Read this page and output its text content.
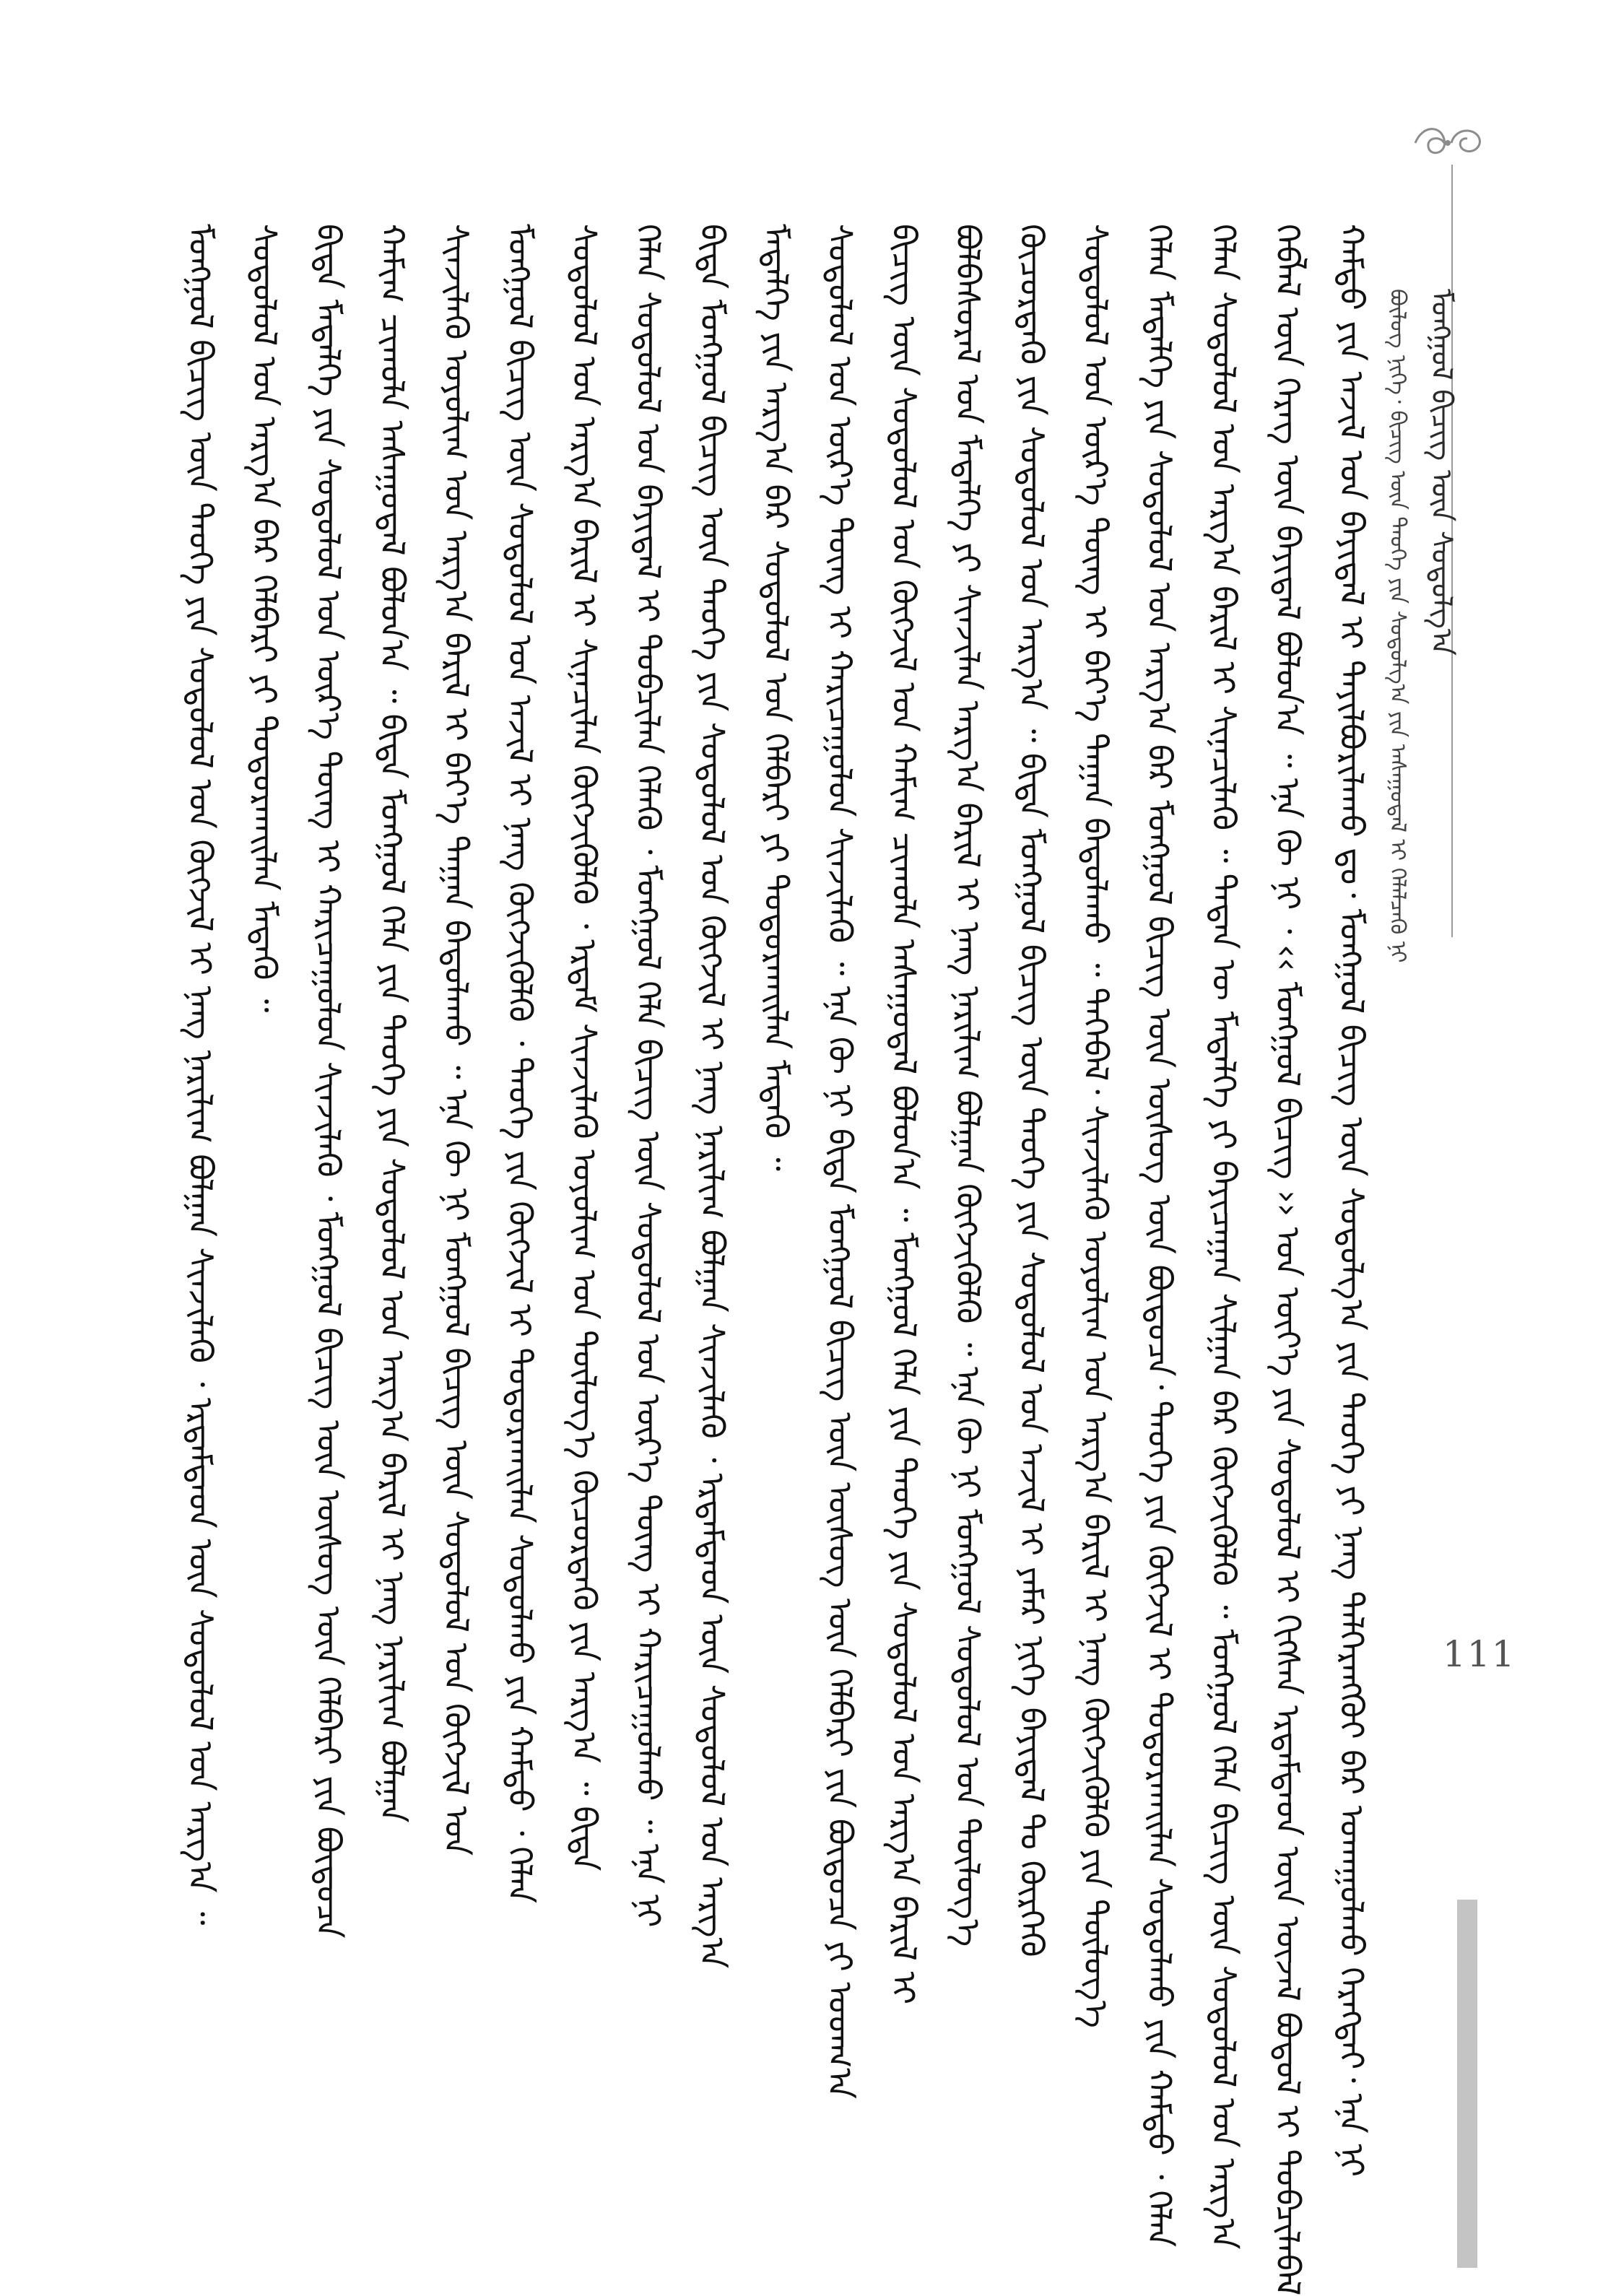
ᠪᠦᠯᠦᠭ ᠨᠢᠭᠡ᠂ ᠪᠢᠴᠢᠭ᠌ ᠦᠨ ᠲᠡᠦᠬᠡ ᠶᠢᠨ ᠰᠤᠳᠤᠯᠭ᠎ᠠ ᠶᠢᠨ ᠠᠰᠠᠭᠤᠳᠠᠯ ᠢ ᠬᠡᠯᠡᠯᠴᠡᠬᠦ ᠨᠢ ᠮᠣᠩᠭᠣᠯ ᠪᠢᠴᠢᠭ᠌ ᠦᠨ ᠰᠤᠳᠤᠯᠭ᠎ᠠ
ᠬᠠᠮᠲᠤ ᠶᠢᠨ ᠠᠵᠢᠯ ᠤᠨ ᠪᠠᠶᠢᠳᠠᠯ ᠢ ᠲᠠᠶᠢᠯᠪᠤᠷᠢᠯᠠᠬᠤ ᠳᠤ᠂ ᠮᠣᠩᠭᠣᠯ ᠪᠢᠴᠢᠭ᠌ ᠦᠨ ᠰᠤᠳᠤᠯᠭ᠎ᠠ ᠶᠢᠨ ᠲᠡᠦᠬᠡ ᠶᠢ ᠨᠡᠩ ᠳᠡᠯᠭᠡᠷᠡᠩᠭᠦᠢ ᠪᠡᠷ ᠤᠬᠠᠭᠤᠯᠬᠤ ᠬᠡᠷᠡᠭᠲᠡᠢ᠂ ᠡᠨᠡ ᠨᠢ
ᠬᠡᠪᠯᠡᠯ ᠦᠨ ᠬᠡᠷᠡᠭ ᠦᠨ ᠪᠠᠶᠢᠳᠠᠯ ᠪᠣᠯᠤᠨ᠎ᠠ ᠃ ᠡᠨᠡ ᠬᠦ ᠨᠢ ᠂ ‹‹ ᠮᠣᠩᠭᠣᠯ ᠪᠢᠴᠢᠭ᠌ ›› ᠤᠨ ᠦᠶ᠎ᠡ ᠶᠢᠨ ᠰᠤᠳᠤᠯᠤᠯ ᠢ ᠬᠢᠭᠰᠡᠨ ᠡᠷᠳᠡᠮᠲᠡᠳ ᠦᠨ ᠦᠵᠡᠯ ᠪᠣᠳᠤᠯ ᠢ ᠲᠣᠪᠴᠢᠯᠠᠪᠠᠯ
ᠬᠡᠯᠡᠨ ᠰᠤᠳᠤᠯᠤᠯ ᠤᠨ ᠠᠷᠭ᠎ᠠ ᠪᠠᠷᠢᠯ ᠢ ᠰᠢᠨᠡᠴᠢᠯᠡᠬᠦ ᠃ ᠲᠡᠳᠡᠨ ᠦ ᠮᠡᠳᠡᠯᠭᠡ ᠶᠢ ᠪᠠᠶᠢᠴᠠᠭᠠᠨ ᠰᠢᠯᠭᠠᠨ ᠪᠡᠷ ᠬᠥᠭᠵᠢᠭᠦᠯᠬᠦ ᠃ ᠮᠣᠩᠭᠣᠯ ᠬᠡᠯᠡ ᠪᠢᠴᠢᠭ᠌ ᠦᠨ ᠰᠤᠳᠤᠯᠤᠯ ᠤᠨ ᠠᠷᠭ᠎ᠠ
ᠬᠡᠯᠡᠨ ᠮᠡᠳᠡᠯᠭᠡ ᠶᠢᠨ ᠰᠤᠳᠤᠯᠤᠯ ᠤᠨ ᠠᠷᠭ᠎ᠠ ᠪᠡᠷ ᠮᠣᠩᠭᠣᠯ ᠪᠢᠴᠢᠭ᠌ ᠦᠨ ᠦᠰᠦᠭ ᠦᠨ ᠪᠦᠲᠦᠴᠡ᠂ ᠲᠡᠦᠬᠡ ᠶᠢᠨ ᠬᠥᠭᠵᠢᠯ ᠢ ᠲᠣᠳᠤᠷᠬᠠᠢᠯᠠᠨ ᠰᠤᠳᠤᠯᠬᠤ ᠶᠢᠨ ᠬᠠᠮᠲᠤ ᠂ ᠬᠡᠯᠡᠨ
ᠰᠤᠳᠤᠯᠤᠯ ᠤᠨ ᠦᠷ᠎ᠡ ᠳᠦᠩ ᠢ ᠪᠡᠶ᠎ᠡ ᠳᠠᠭᠠᠨ ᠪᠠᠲᠤᠯᠠᠬᠤ ᠃ ᠲᠡᠭᠡᠪᠡᠯ᠂ ᠰᠢᠨᠵᠢᠯᠡᠬᠦ ᠤᠶᠤᠯᠢᠭ ᠤᠨ ᠠᠷᠭ᠎ᠠ ᠪᠠᠷᠢᠯ ᠢ ᠨᠡᠩ ᠬᠥᠭᠵᠢᠭᠦᠯᠬᠦ ᠶᠢᠨ ᠲᠥᠯᠦᠭ᠎ᠡ
ᠬᠦᠴᠦᠷᠳᠡᠬᠦ ᠶᠢᠨ ᠰᠤᠳᠤᠯᠤᠯ ᠤᠨ ᠠᠷᠭ᠎ᠠ ᠃ ᠪᠢᠳᠡ ᠮᠣᠩᠭᠣᠯ ᠪᠢᠴᠢᠭ᠌ ᠦᠨ ᠲᠡᠦᠬᠡ ᠶᠢᠨ ᠰᠤᠳᠤᠯᠤᠯ ᠤᠨ ᠠᠵᠢᠯ ᠢ ᠶᠠᠮᠠᠷ ᠨᠢᠭᠡ ᠪᠠᠶᠢᠳᠠᠯ ᠲᠤ ᠬᠦᠷᠭᠡᠬᠦ
ᠪᠣᠯᠪᠠᠰᠤᠷᠠᠯ ᠤᠨ ᠮᠡᠳᠡᠯᠭᠡ ᠶᠢ ᠰᠢᠨᠵᠢᠯᠡᠨ ᠠᠷᠭ᠎ᠠ ᠪᠠᠷᠢᠯ ᠢ ᠨᠡᠩ ᠨᠠᠷᠢᠯᠢᠭ ᠪᠣᠯᠭᠠᠨ ᠬᠥᠭᠵᠢᠭᠦᠯᠬᠦ ᠃ ᠡᠨᠡ ᠬᠦ ᠨᠢ ᠮᠣᠩᠭᠣᠯ ᠰᠤᠳᠤᠯᠤᠯ ᠤᠨ ᠲᠥᠯᠦᠭ᠎ᠡ
ᠪᠢᠴᠢᠭ᠌ ᠦᠨ ᠰᠤᠳᠤᠯᠤᠯ ᠤᠨ ᠬᠥᠭᠵᠢᠯ ᠤᠨ ᠬᠠᠮᠢᠭ ᠴᠢᠬᠤᠯᠠ ᠠᠰᠠᠭᠤᠳᠠᠯ ᠪᠣᠯᠤᠨ᠎ᠠ ᠃ ᠮᠣᠩᠭᠣᠯ ᠬᠡᠯᠡ ᠶᠢᠨ ᠲᠡᠦᠬᠡ ᠶᠢᠨ ᠰᠤᠳᠤᠯᠤᠯ ᠤᠨ ᠠᠷᠭ᠎ᠠ ᠪᠠᠷᠢᠯ ᠢ
ᠰᠤᠳᠤᠯᠤᠯ ᠤᠨ ᠦᠷ᠎ᠡ ᠳᠦᠩ ᠢ ᠬᠠᠷᠢᠴᠠᠭᠤᠯᠤᠨ ᠰᠢᠨᠵᠢᠯᠡᠬᠦ ᠃ ᠡᠨᠡ ᠬᠦ ᠨᠢ ᠪᠢᠳᠡ ᠮᠣᠩᠭᠣᠯ ᠪᠢᠴᠢᠭ᠌ ᠦᠨ ᠦᠰᠦᠭ ᠦᠨ ᠬᠡᠯᠪᠡᠷᠢ ᠶᠢᠨ ᠪᠦᠲᠦᠴᠡ ᠶᠢ ᠤᠳᠬ᠎ᠠ
ᠮᠡᠳᠡᠯᠭᠡ ᠶᠢᠨ ᠠᠷᠭ᠎ᠠ ᠪᠡᠷ ᠰᠤᠳᠤᠯᠤᠯ ᠤᠨ ᠬᠡᠯᠪᠡᠷᠢ ᠶᠢ ᠲᠣᠳᠤᠷᠬᠠᠢᠯᠠᠨ ᠮᠡᠳᠡᠬᠦ ᠃
ᠪᠢᠳᠡ ᠮᠣᠩᠭᠣᠯ ᠪᠢᠴᠢᠭ᠌ ᠦᠨ ᠲᠡᠦᠬᠡ ᠶᠢᠨ ᠰᠤᠳᠤᠯᠤᠯ ᠤᠨ ᠬᠥᠭᠵᠢᠯ ᠢ ᠨᠡᠩ ᠨᠠᠷᠢᠯᠢᠭ ᠪᠣᠯᠭᠠᠨ ᠰᠢᠨᠵᠢᠯᠡᠬᠦ ᠂ ᠡᠷᠳᠡᠮᠲᠡᠳ ᠦᠨ ᠰᠤᠳᠤᠯᠤᠯ ᠤᠨ ᠠᠷᠭ᠎ᠠ
ᠬᠡᠯᠡᠨ ᠰᠤᠳᠤᠯᠤᠯ ᠤᠨ ᠪᠠᠶᠢᠳᠠᠯ ᠢ ᠲᠣᠪᠴᠢᠯᠠᠨ ᠬᠡᠯᠡᠬᠦ ᠂ ᠮᠣᠩᠭᠣᠯ ᠬᠡᠯᠡ ᠪᠢᠴᠢᠭ᠌ ᠦᠨ ᠰᠤᠳᠤᠯᠤᠯ ᠤᠨ ᠦᠷ᠎ᠡ ᠳᠦᠩ ᠢ ᠬᠠᠷᠢᠴᠠᠭᠤᠯᠬᠤ ᠃ ᠡᠨᠡ ᠨᠢ
ᠰᠤᠳᠤᠯᠤᠯ ᠤᠨ ᠠᠷᠭ᠎ᠠ ᠪᠠᠷᠢᠯ ᠢ ᠰᠢᠨᠡᠴᠢᠯᠡᠨ ᠬᠥᠭᠵᠢᠭᠦᠯᠬᠦ ᠂ ᠡᠷᠳᠡᠮ ᠰᠢᠨᠵᠢᠯᠡᠬᠦ ᠤᠶᠤᠯᠢᠭ ᠤᠨ ᠲᠥᠯᠦᠭ᠎ᠡ ᠬᠦᠴᠦᠷᠳᠡᠬᠦ ᠶᠢᠨ ᠠᠷᠭ᠎ᠠ ᠃ ᠪᠢᠳᠡ
ᠮᠣᠩᠭᠣᠯ ᠪᠢᠴᠢᠭ᠌ ᠦᠨ ᠰᠤᠳᠤᠯᠤᠯ ᠤᠨ ᠠᠵᠢᠯ ᠢ ᠨᠡᠩ ᠬᠥᠭᠵᠢᠭᠦᠯᠬᠦ ᠂ ᠲᠡᠦᠬᠡ ᠶᠢᠨ ᠬᠥᠭᠵᠢᠯ ᠢ ᠲᠣᠳᠤᠷᠬᠠᠢᠯᠠᠨ ᠰᠤᠳᠤᠯᠬᠤ ᠶᠢᠨ ᠬᠠᠮᠲᠤ ᠂ ᠬᠡᠯᠡᠨ
ᠰᠢᠨᠵᠢᠯᠡᠬᠦ ᠤᠶᠤᠯᠢᠭ ᠤᠨ ᠠᠷᠭ᠎ᠠ ᠪᠠᠷᠢᠯ ᠢ ᠪᠡᠶ᠎ᠡ ᠳᠠᠭᠠᠨ ᠪᠠᠲᠤᠯᠠᠬᠤ ᠃ ᠡᠨᠡ ᠬᠦ ᠨᠢ ᠮᠣᠩᠭᠣᠯ ᠪᠢᠴᠢᠭ᠌ ᠦᠨ ᠰᠤᠳᠤᠯᠤᠯ ᠤᠨ ᠬᠥᠭᠵᠢᠯ ᠤᠨ
ᠬᠠᠮᠢᠭ ᠴᠢᠬᠤᠯᠠ ᠠᠰᠠᠭᠤᠳᠠᠯ ᠪᠣᠯᠤᠨ᠎ᠠ ᠃ ᠪᠢᠳᠡ ᠮᠣᠩᠭᠣᠯ ᠬᠡᠯᠡ ᠶᠢᠨ ᠲᠡᠦᠬᠡ ᠶᠢᠨ ᠰᠤᠳᠤᠯᠤᠯ ᠤᠨ ᠠᠷᠭ᠎ᠠ ᠪᠠᠷᠢᠯ ᠢ ᠨᠡᠩ ᠨᠠᠷᠢᠯᠢᠭ ᠪᠣᠯᠭᠠᠨ
ᠪᠢᠳᠡ ᠮᠡᠳᠡᠯᠭᠡ ᠶᠢᠨ ᠰᠤᠳᠤᠯᠤᠯ ᠤᠨ ᠦᠷ᠎ᠡ ᠳᠦᠩ ᠢ ᠬᠠᠷᠢᠴᠠᠭᠤᠯᠤᠨ ᠰᠢᠨᠵᠢᠯᠡᠬᠦ ᠂ ᠮᠣᠩᠭᠣᠯ ᠪᠢᠴᠢᠭ᠌ ᠦᠨ ᠦᠰᠦᠭ ᠦᠨ ᠬᠡᠯᠪᠡᠷᠢ ᠶᠢᠨ ᠪᠦᠲᠦᠴᠡ
ᠰᠤᠳᠤᠯᠤᠯ ᠤᠨ ᠠᠷᠭ᠎ᠠ ᠪᠡᠷ ᠬᠡᠯᠪᠡᠷᠢ ᠶᠢ ᠲᠣᠳᠤᠷᠬᠠᠢᠯᠠᠨ ᠮᠡᠳᠡᠬᠦ ᠃
ᠮᠣᠩᠭᠣᠯ ᠪᠢᠴᠢᠭ᠌ ᠦᠨ ᠲᠡᠦᠬᠡ ᠶᠢᠨ ᠰᠤᠳᠤᠯᠤᠯ ᠤᠨ ᠬᠥᠭᠵᠢᠯ ᠢ ᠨᠡᠩ ᠨᠠᠷᠢᠯᠢᠭ ᠪᠣᠯᠭᠠᠨ ᠰᠢᠨᠵᠢᠯᠡᠬᠦ ᠂ ᠡᠷᠳᠡᠮᠲᠡᠳ ᠦᠨ ᠰᠤᠳᠤᠯᠤᠯ ᠤᠨ ᠠᠷᠭ᠎ᠠ ᠃	111
